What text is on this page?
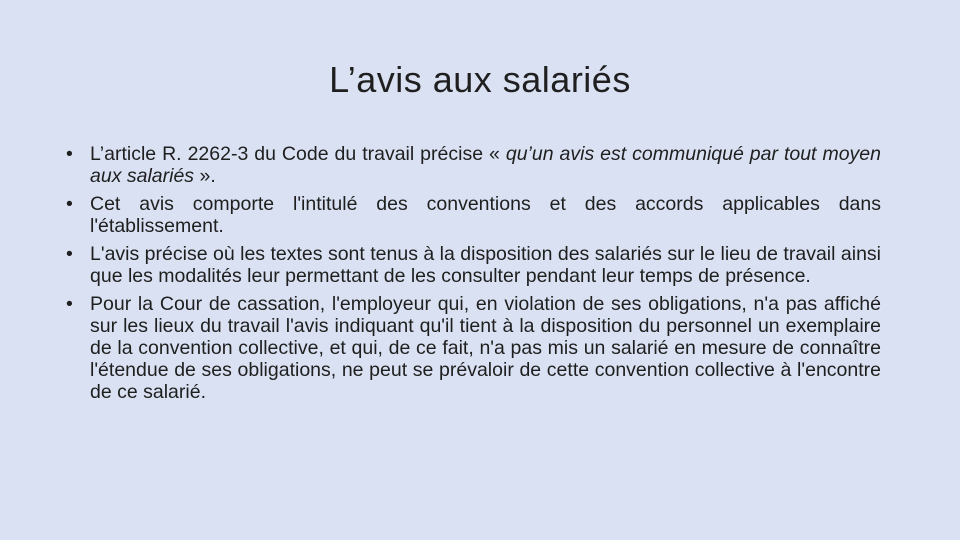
L’avis aux salariés
• L’article R. 2262-3 du Code du travail précise « qu’un avis est communiqué par tout moyen aux salariés ».
• Cet avis comporte l'intitulé des conventions et des accords applicables dans l'établissement.
• L'avis précise où les textes sont tenus à la disposition des salariés sur le lieu de travail ainsi que les modalités leur permettant de les consulter pendant leur temps de présence.
• Pour la Cour de cassation, l'employeur qui, en violation de ses obligations, n'a pas affiché sur les lieux du travail l'avis indiquant qu'il tient à la disposition du personnel un exemplaire de la convention collective, et qui, de ce fait, n'a pas mis un salarié en mesure de connaître l'étendue de ses obligations, ne peut se prévaloir de cette convention collective à l'encontre de ce salarié.
